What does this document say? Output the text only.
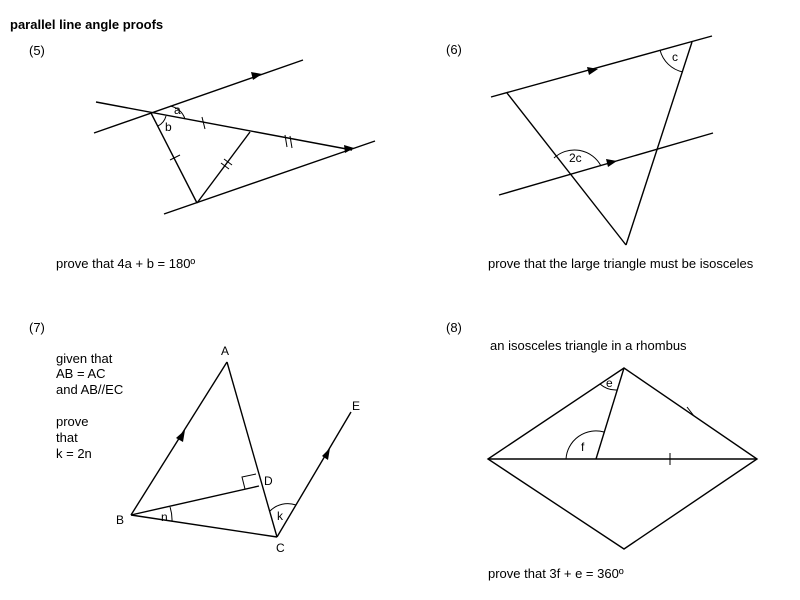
parallel line angle proofs
(5)	(6)
(7)	(8)
prove that 4a + b = 180º	prove that the large triangle must be isosceles
an isosceles triangle in a rhombus
prove that 3f + e = 360º
given that
AB = AC
and AB//EC
prove
that
k = 2n
a
b
c
2c
A
B
C
D
E
n	k
e
f
